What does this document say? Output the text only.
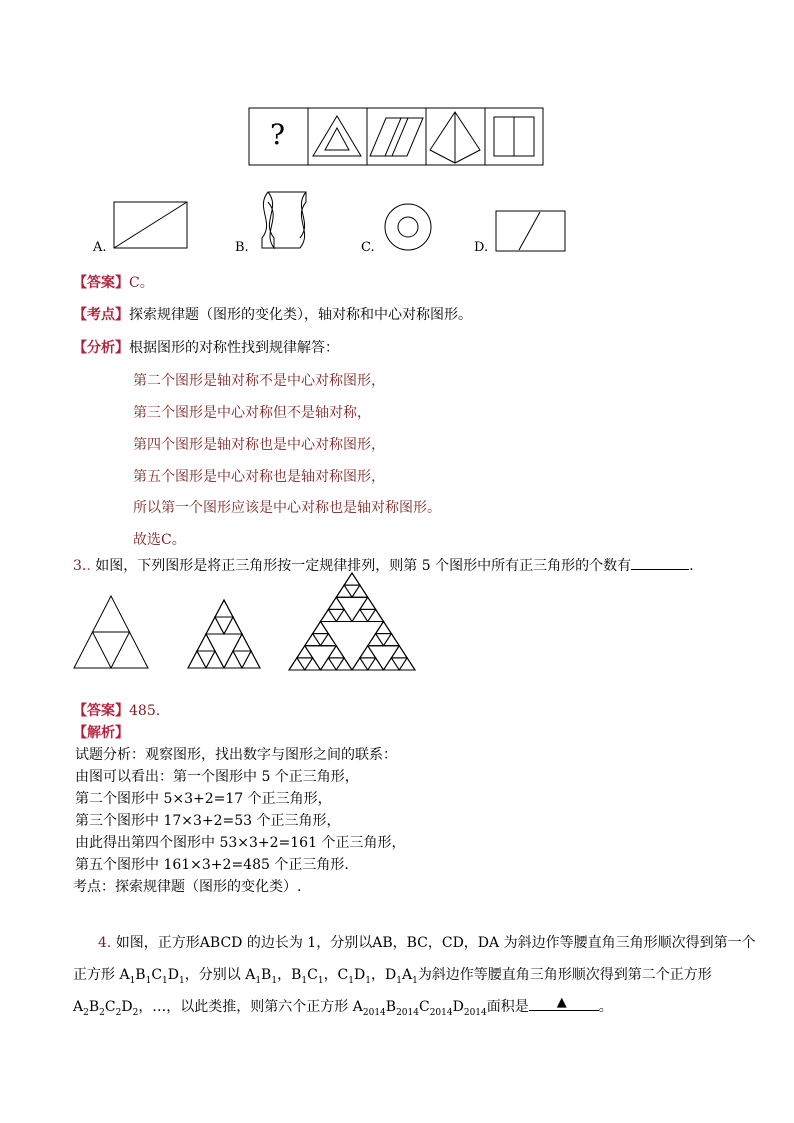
?
A.	B.	C.	D.
【答案】C。
【考点】探索规律题（图形的变化类），轴对称和中心对称图形。
【分析】根据图形的对称性找到规律解答：
第二个图形是轴对称不是中心对称图形，
第三个图形是中心对称但不是轴对称，
第四个图形是轴对称也是中心对称图形，
第五个图形是中心对称也是轴对称图形，
所以第一个图形应该是中心对称也是轴对称图形。
故选C。
3.. 如图，下列图形是将正三角形按一定规律排列，则第 5 个图形中所有正三角形的个数有	.
【答案】485.
【解析】
试题分析：观察图形，找出数字与图形之间的联系：
由图可以看出：第一个图形中 5 个正三角形，
第二个图形中 5×3+2=17 个正三角形，
第三个图形中 17×3+2=53 个正三角形，
由此得出第四个图形中 53×3+2=161 个正三角形，
第五个图形中 161×3+2=485 个正三角形.
考点：探索规律题（图形的变化类）.
4. 如图，正方形ABCD 的边长为 1，分别以AB，BC，CD，DA 为斜边作等腰直角三角形顺次得到第一个
正方形 $A_1B_1C_1D_1$，分别以 $A_1B_1$，$B_1C_1$，$C_1D_1$，$D_1A_1$为斜边作等腰直角三角形顺次得到第二个正方形
$A_2B_2C_2D_2$，…，以此类推，则第六个正方形 $A_{2014}B_{2014}C_{2014}D_{2014}$面积是 ▲ 。
